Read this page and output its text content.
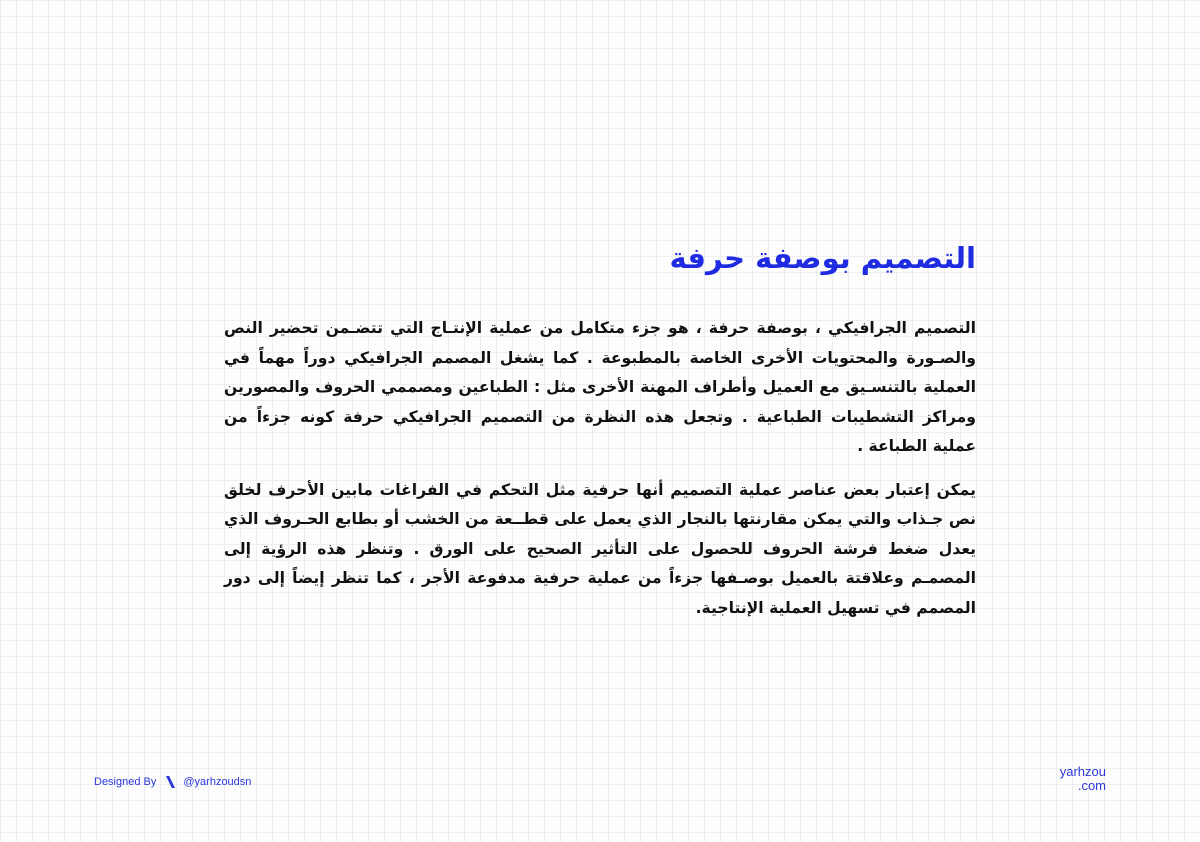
التصميم بوصفة حرفة

التصميم الجرافيكي ، بوصفة حرفة ، هو جزء متكامل من عملية الإنتـاج التي تتضـمن تحضير النص والصـورة والمحتويات الأخرى الخاصة بالمطبوعة . كما يشغل المصمم الجرافيكي دوراً مهماً في العملية بالتنسـيق مع العميل وأطراف المهنة الأخرى مثل : الطباعين ومصممي الحروف والمصورين ومراكز التشطيبات الطباعية . وتجعل هذه النظرة من التصميم الجرافيكي حرفة كونه جزءاً من عملية الطباعة .

يمكن إعتبار بعض عناصر عملية التصميم أنها حرفية مثل التحكم في الفراغات مابين الأحرف لخلق نص جـذاب والتي يمكن مقارنتها بالنجار الذي يعمل على قطــعة من الخشب أو بطابع الحـروف الذي يعدل ضغط فرشة الحروف للحصول على التأثير الصحيح على الورق . وتنظر هذه الرؤية إلى المصمـم وعلاقتة بالعميل بوصـفها جزءاً من عملية حرفية مدفوعة الأجر ، كما تنظر إيضاً إلى دور المصمم في تسهيل العملية الإنتاجية.

Designed By @yarhzoudsn
yarhzou
.com
